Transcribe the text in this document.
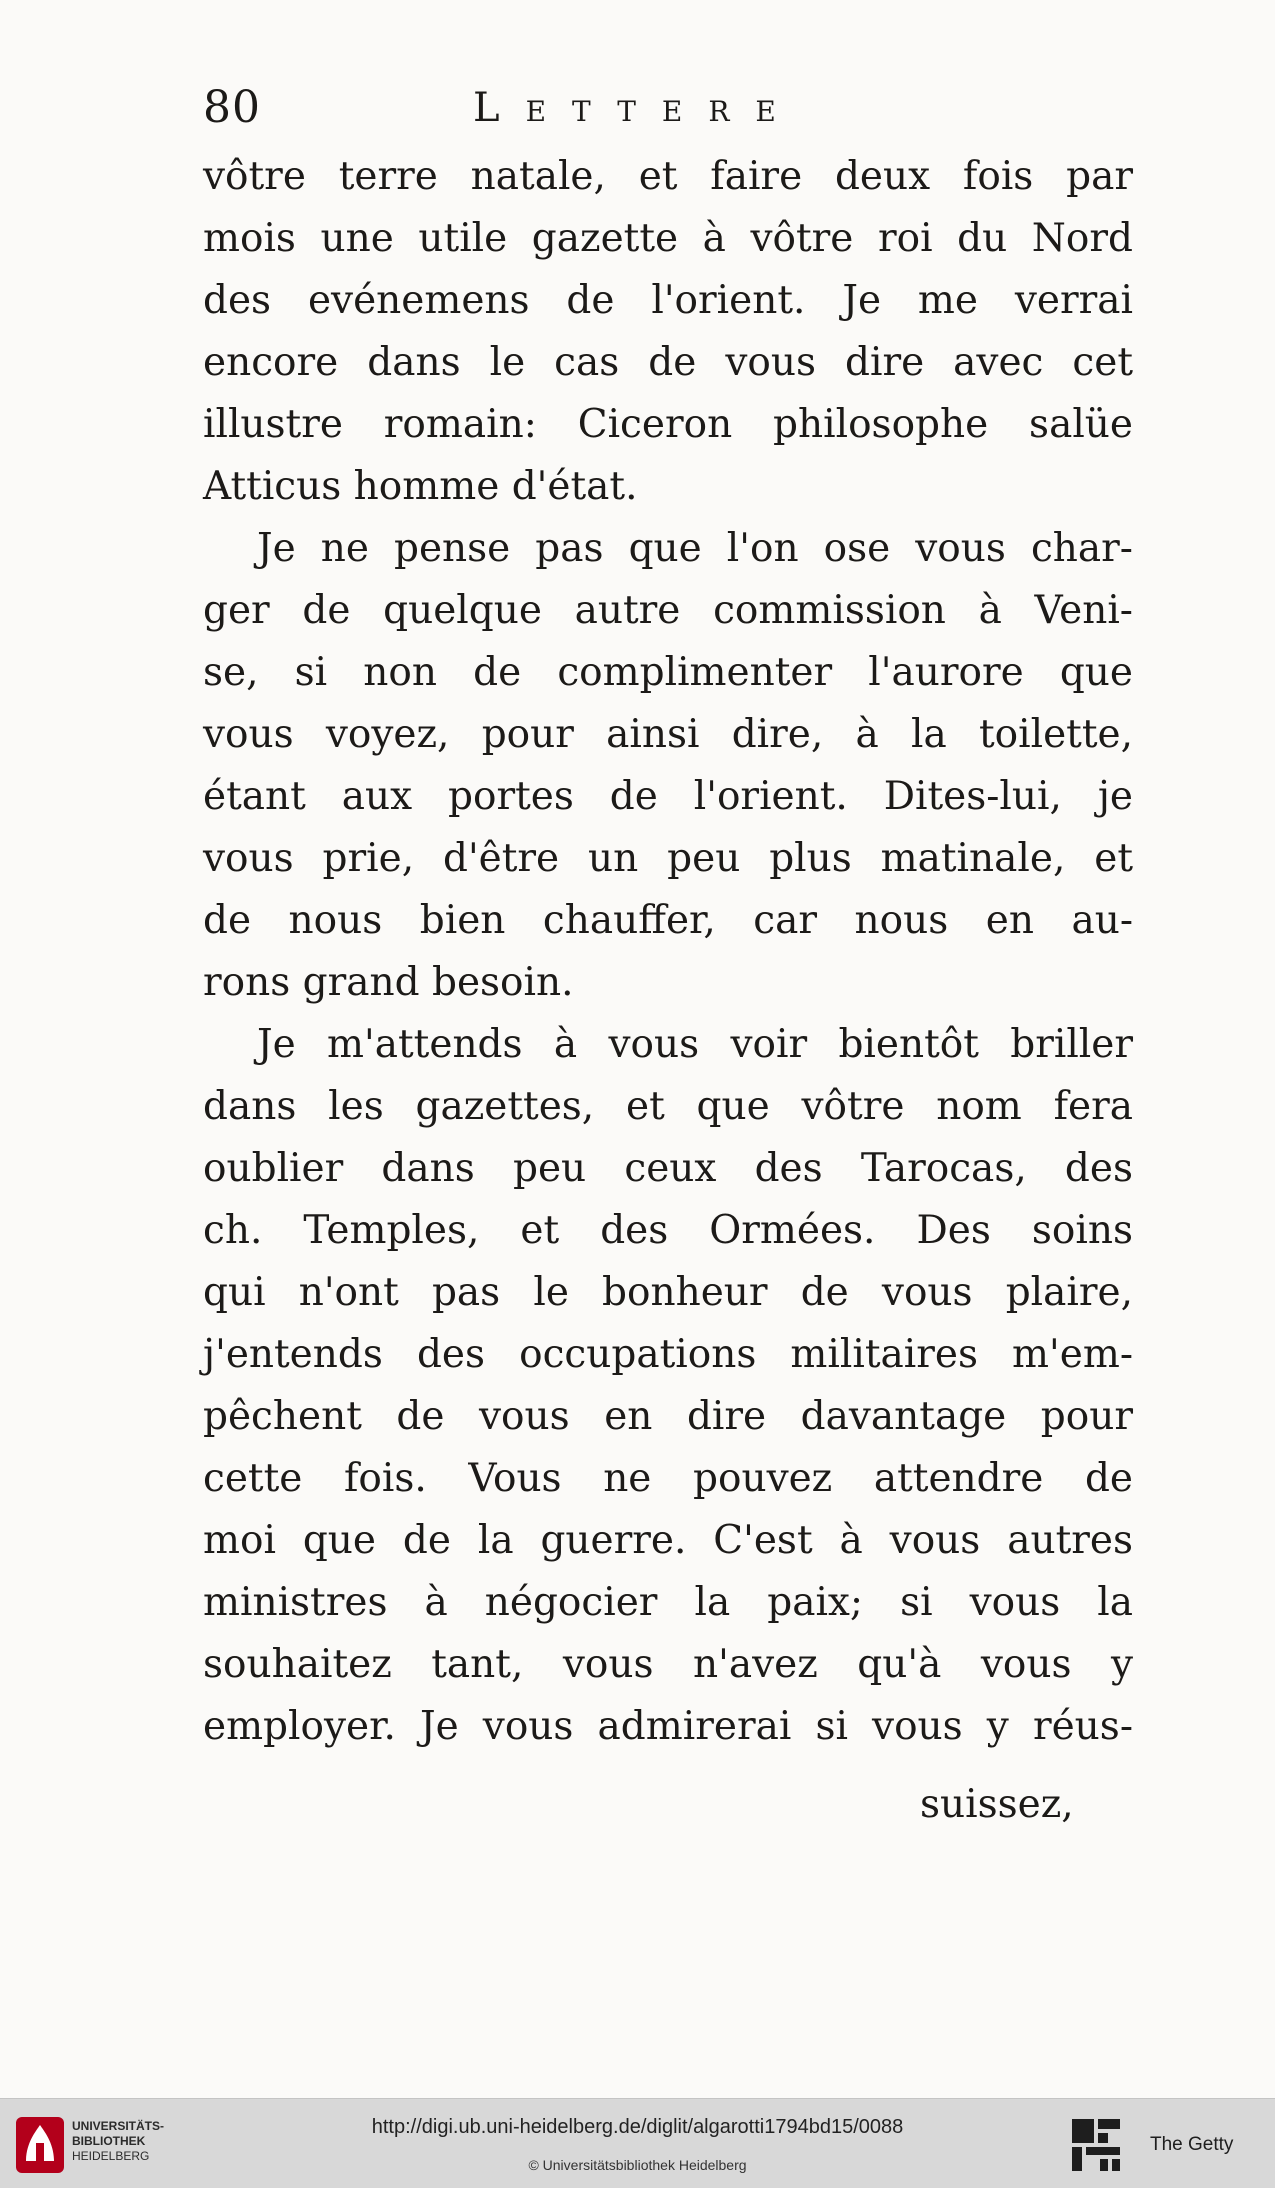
80	Lettere
vôtre terre natale, et faire deux fois par
mois une utile gazette à vôtre roi du Nord
des evénemens de l'orient. Je me verrai
encore dans le cas de vous dire avec cet
illustre romain: Ciceron philosophe salüe
Atticus homme d'état.
Je ne pense pas que l'on ose vous char-
ger de quelque autre commission à Veni-
se, si non de complimenter l'aurore que
vous voyez, pour ainsi dire, à la toilette,
étant aux portes de l'orient. Dites-lui, je
vous prie, d'être un peu plus matinale, et
de nous bien chauffer, car nous en au-
rons grand besoin.
Je m'attends à vous voir bientôt briller
dans les gazettes, et que vôtre nom fera
oublier dans peu ceux des Tarocas, des
ch. Temples, et des Ormées. Des soins
qui n'ont pas le bonheur de vous plaire,
j'entends des occupations militaires m'em-
pêchent de vous en dire davantage pour
cette fois. Vous ne pouvez attendre de
moi que de la guerre. C'est à vous autres
ministres à négocier la paix; si vous la
souhaitez tant, vous n'avez qu'à vous y
employer. Je vous admirerai si vous y réus-
suissez,
UNIVERSITÄTS-
BIBLIOTHEK
HEIDELBERG
http://digi.ub.uni-heidelberg.de/diglit/algarotti1794bd15/0088
© Universitätsbibliothek Heidelberg
The Getty
